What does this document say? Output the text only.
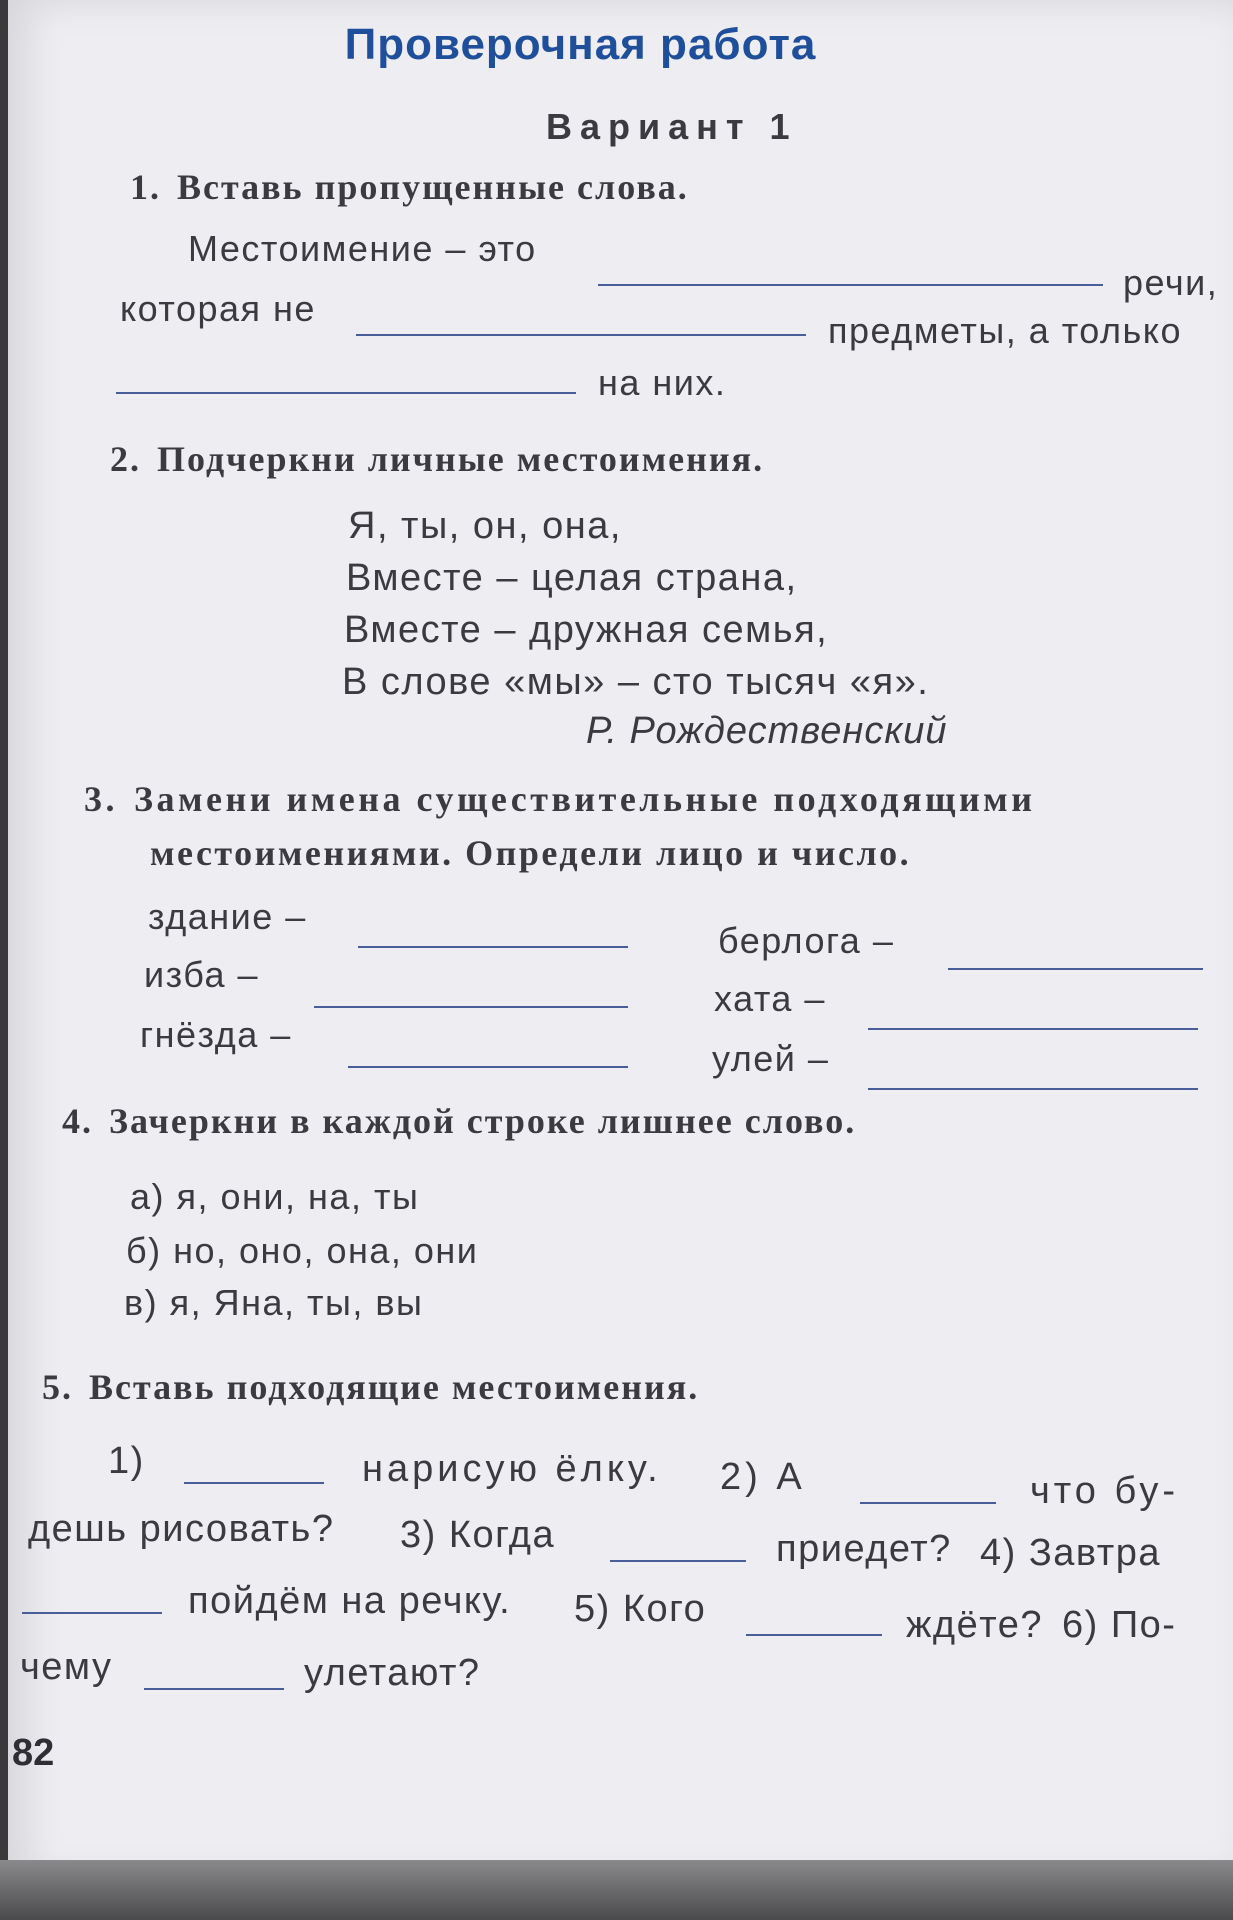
Проверочная работа
Вариант 1
1. Вставь пропущенные слова.
Местоимение – это
речи,
которая не
предметы, а только
на них.
2. Подчеркни личные местоимения.
Я, ты, он, она,
Вместе – целая страна,
Вместе – дружная семья,
В слове «мы» – сто тысяч «я».
Р. Рождественский
3. Замени имена существительные подходящими
местоимениями. Определи лицо и число.
здание –
изба –
гнёзда –
берлога –
хата –
улей –
4. Зачеркни в каждой строке лишнее слово.
а) я, они, на, ты
б) но, оно, она, они
в) я, Яна, ты, вы
5. Вставь подходящие местоимения.
1)	нарисую ёлку. 2) А	что бу-
дешь рисовать? 3) Когда	приедет? 4) Завтра
пойдём на речку. 5) Кого	ждёте? 6) По-
чему	улетают?
82
